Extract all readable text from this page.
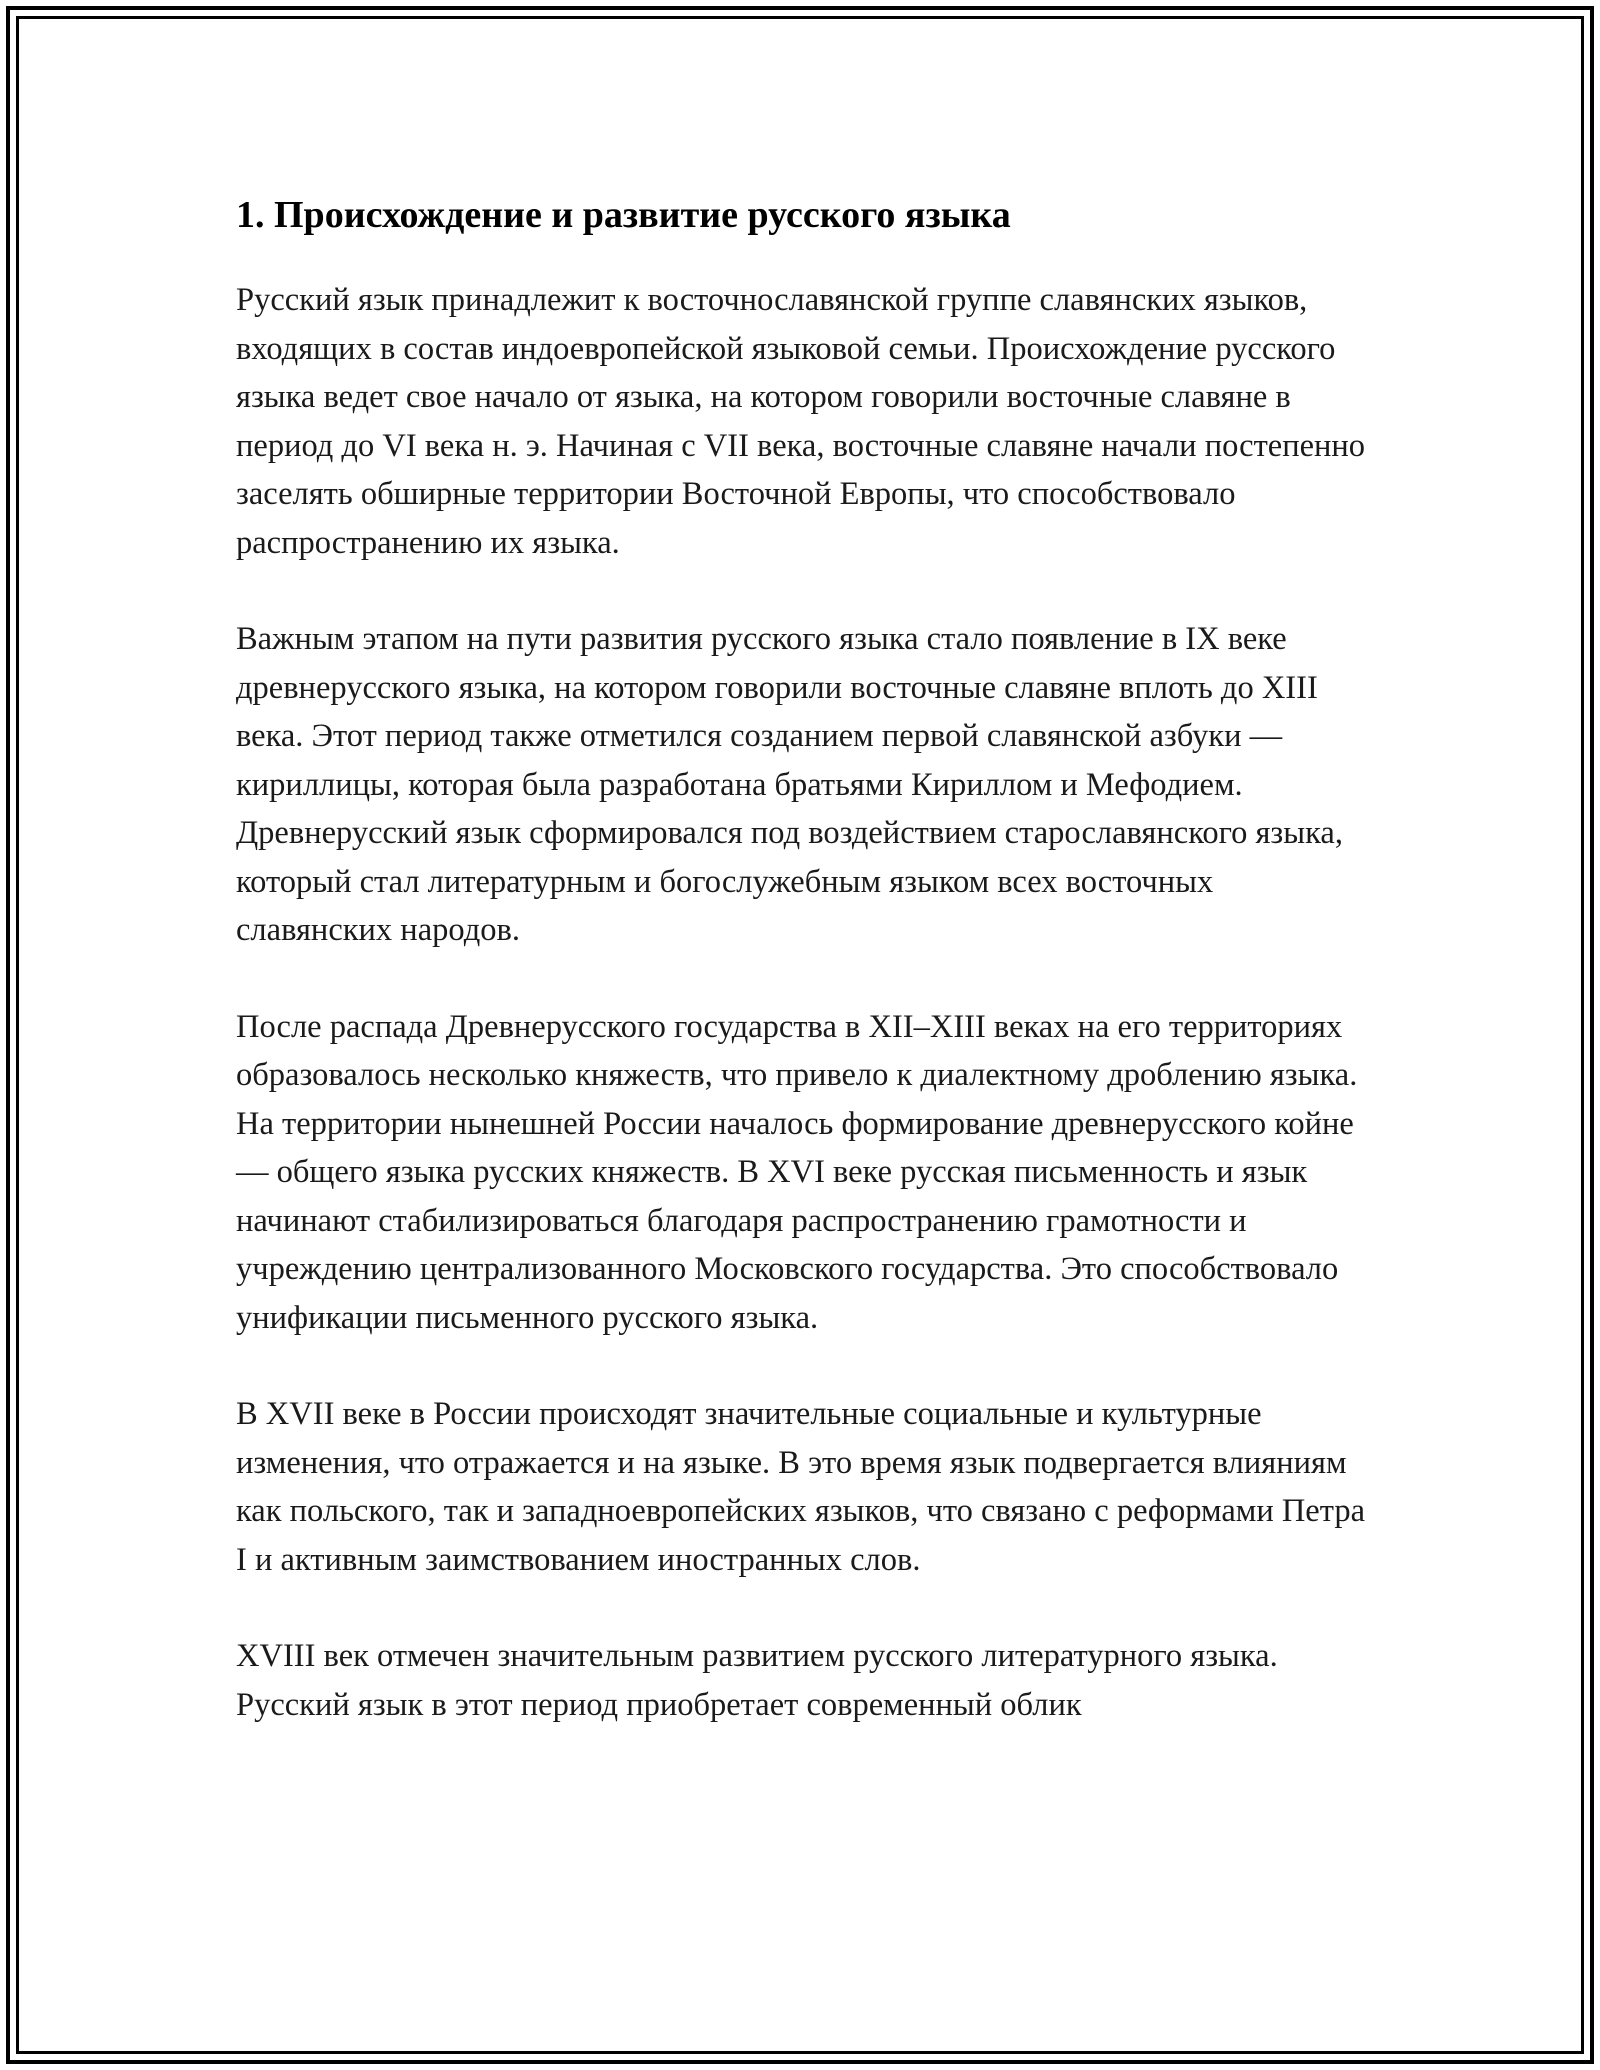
1. Происхождение и развитие русского языка

Русский язык принадлежит к восточнославянской группе славянских языков, входящих в состав индоевропейской языковой семьи. Происхождение русского языка ведет свое начало от языка, на котором говорили восточные славяне в период до VI века н. э. Начиная с VII века, восточные славяне начали постепенно заселять обширные территории Восточной Европы, что способствовало распространению их языка.

Важным этапом на пути развития русского языка стало появление в IX веке древнерусского языка, на котором говорили восточные славяне вплоть до XIII века. Этот период также отметился созданием первой славянской азбуки — кириллицы, которая была разработана братьями Кириллом и Мефодием. Древнерусский язык сформировался под воздействием старославянского языка, который стал литературным и богослужебным языком всех восточных славянских народов.

После распада Древнерусского государства в XII–XIII веках на его территориях образовалось несколько княжеств, что привело к диалектному дроблению языка. На территории нынешней России началось формирование древнерусского койне — общего языка русских княжеств. В XVI веке русская письменность и язык начинают стабилизироваться благодаря распространению грамотности и учреждению централизованного Московского государства. Это способствовало унификации письменного русского языка.

В XVII веке в России происходят значительные социальные и культурные изменения, что отражается и на языке. В это время язык подвергается влияниям как польского, так и западноевропейских языков, что связано с реформами Петра I и активным заимствованием иностранных слов.

XVIII век отмечен значительным развитием русского литературного языка. Русский язык в этот период приобретает современный облик
